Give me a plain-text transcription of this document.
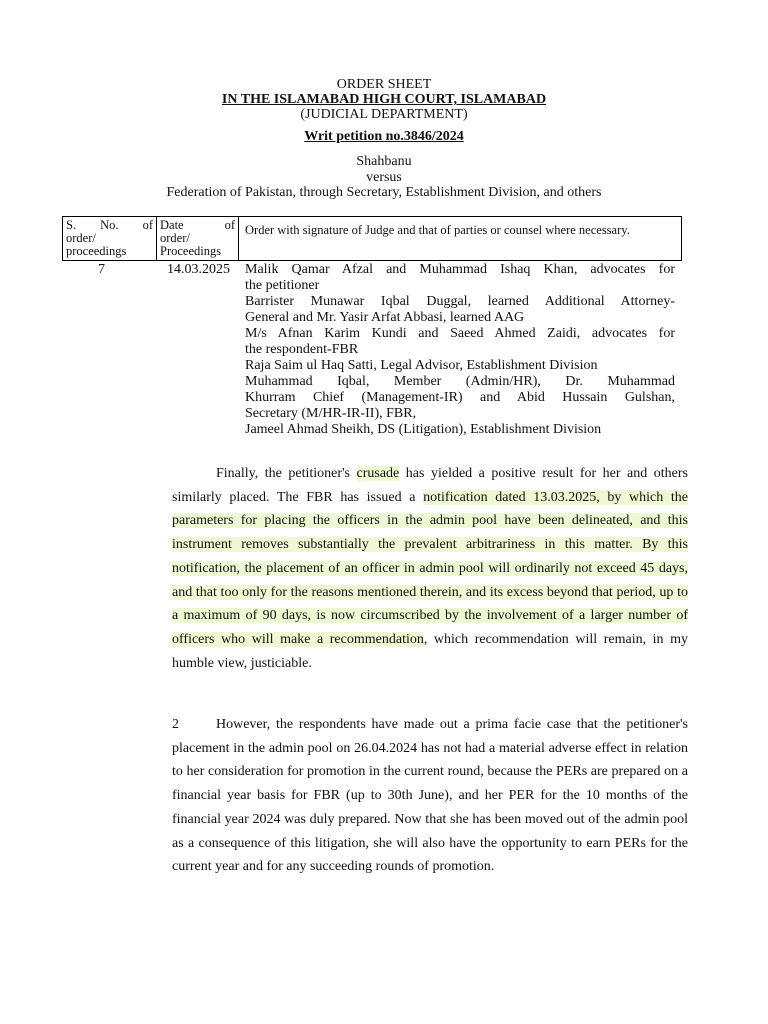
ORDER SHEET
IN THE ISLAMABAD HIGH COURT, ISLAMABAD
(JUDICIAL DEPARTMENT)
Writ petition no.3846/2024
Shahbanu
versus
Federation of Pakistan, through Secretary, Establishment Division, and others
S. No. of
order/
proceedings
Date of
order/
Proceedings
Order with signature of Judge and that of parties or counsel where necessary.
7	14.03.2025 Malik Qamar Afzal and Muhammad Ishaq Khan, advocates for
the petitioner
Barrister Munawar Iqbal Duggal, learned Additional Attorney-
General and Mr. Yasir Arfat Abbasi, learned AAG
M/s Afnan Karim Kundi and Saeed Ahmed Zaidi, advocates for
the respondent-FBR
Raja Saim ul Haq Satti, Legal Advisor, Establishment Division
Muhammad Iqbal, Member (Admin/HR), Dr. Muhammad
Khurram Chief (Management-IR) and Abid Hussain Gulshan,
Secretary (M/HR-IR-II), FBR,
Jameel Ahmad Sheikh, DS (Litigation), Establishment Division
Finally, the petitioner's crusade has yielded a positive result for her and others similarly placed. The FBR has issued a notification dated 13.03.2025, by which the parameters for placing the officers in the admin pool have been delineated, and this instrument removes substantially the prevalent arbitrariness in this matter. By this notification, the placement of an officer in admin pool will ordinarily not exceed 45 days, and that too only for the reasons mentioned therein, and its excess beyond that period, up to a maximum of 90 days, is now circumscribed by the involvement of a larger number of officers who will make a recommendation, which recommendation will remain, in my humble view, justiciable.
2	However, the respondents have made out a prima facie case that the petitioner's placement in the admin pool on 26.04.2024 has not had a material adverse effect in relation to her consideration for promotion in the current round, because the PERs are prepared on a financial year basis for FBR (up to 30th June), and her PER for the 10 months of the financial year 2024 was duly prepared. Now that she has been moved out of the admin pool as a consequence of this litigation, she will also have the opportunity to earn PERs for the current year and for any succeeding rounds of promotion.
